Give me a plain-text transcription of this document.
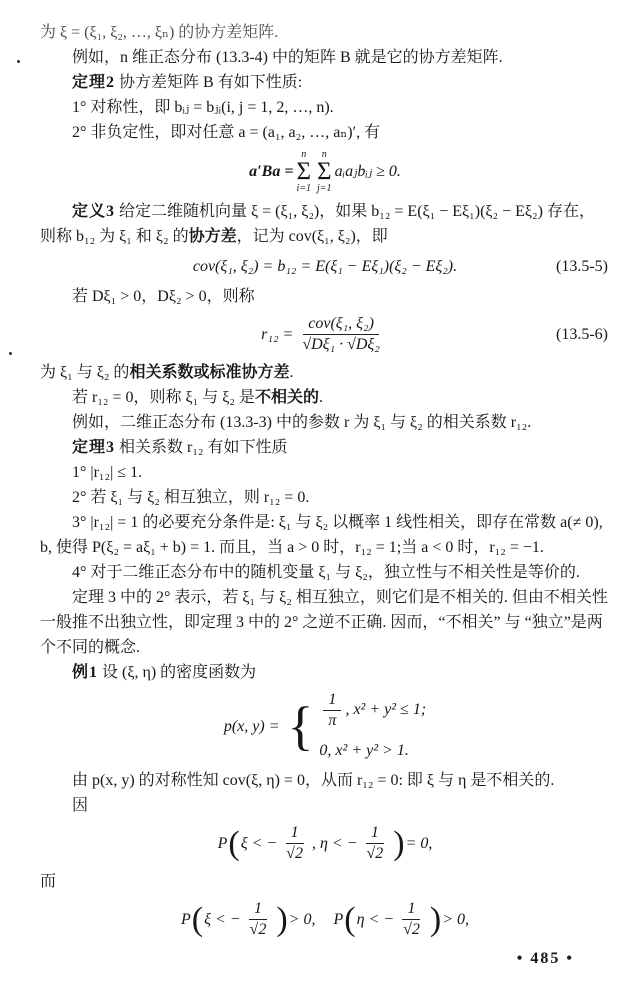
为 ξ = (ξ₁, ξ₂, …, ξₙ) 的协方差矩阵.

例如，n 维正态分布 (13.3-4) 中的矩阵 B 就是它的协方差矩阵.

定理2 协方差矩阵 B 有如下性质:

1° 对称性，即 bᵢⱼ = bⱼᵢ(i, j = 1, 2, …, n).

2° 非负定性，即对任意 a = (a₁, a₂, …, aₙ)′, 有

a′Ba =
n
Σ
i=1
n
Σ
j=1
aᵢaⱼbᵢⱼ ≥ 0.

定义3 给定二维随机向量 ξ = (ξ₁, ξ₂)，如果 b₁₂ = E(ξ₁ − Eξ₁)(ξ₂ − Eξ₂) 存在，则称 b₁₂ 为 ξ₁ 和 ξ₂ 的协方差，记为 cov(ξ₁, ξ₂)，即

cov(ξ₁, ξ₂) = b₁₂ = E(ξ₁ − Eξ₁)(ξ₂ − Eξ₂).	(13.5-5)

若 Dξ₁ > 0，Dξ₂ > 0，则称

$r_{12} = \frac{\text{cov(ξ₁, ξ₂)}}{\text{√Dξ₁ · √Dξ₂}}$	(13.5-6)

为 ξ₁ 与 ξ₂ 的相关系数或标准协方差.

若 r₁₂ = 0，则称 ξ₁ 与 ξ₂ 是不相关的.

例如，二维正态分布 (13.3-3) 中的参数 r 为 ξ₁ 与 ξ₂ 的相关系数 r₁₂.

定理3 相关系数 r₁₂ 有如下性质

1° |r₁₂| ≤ 1.

2° 若 ξ₁ 与 ξ₂ 相互独立，则 r₁₂ = 0.

3° |r₁₂| = 1 的必要充分条件是: ξ₁ 与 ξ₂ 以概率 1 线性相关，即存在常数 a(≠ 0), b, 使得 P(ξ₂ = aξ₁ + b) = 1. 而且，当 a > 0 时，r₁₂ = 1;当 a < 0 时，r₁₂ = −1.

4° 对于二维正态分布中的随机变量 ξ₁ 与 ξ₂，独立性与不相关性是等价的.

定理 3 中的 2° 表示，若 ξ₁ 与 ξ₂ 相互独立，则它们是不相关的. 但由不相关性一般推不出独立性，即定理 3 中的 2° 之逆不正确. 因而，“不相关” 与 “独立”是两个不同的概念.

例1 设 (ξ, η) 的密度函数为

p(x, y) = { $\frac{1}{\pi}$ , x² + y² ≤ 1;
0, x² + y² > 1.

由 p(x, y) 的对称性知 cov(ξ, η) = 0，从而 r₁₂ = 0: 即 ξ 与 η 是不相关的.

因

P ( ξ < − $\frac{1}{√2}$ , η < − $\frac{1}{√2}$ ) = 0,

而

P ( ξ < − $\frac{1}{√2}$ ) > 0, P ( η < − $\frac{1}{√2}$ ) > 0,
• 485 •
